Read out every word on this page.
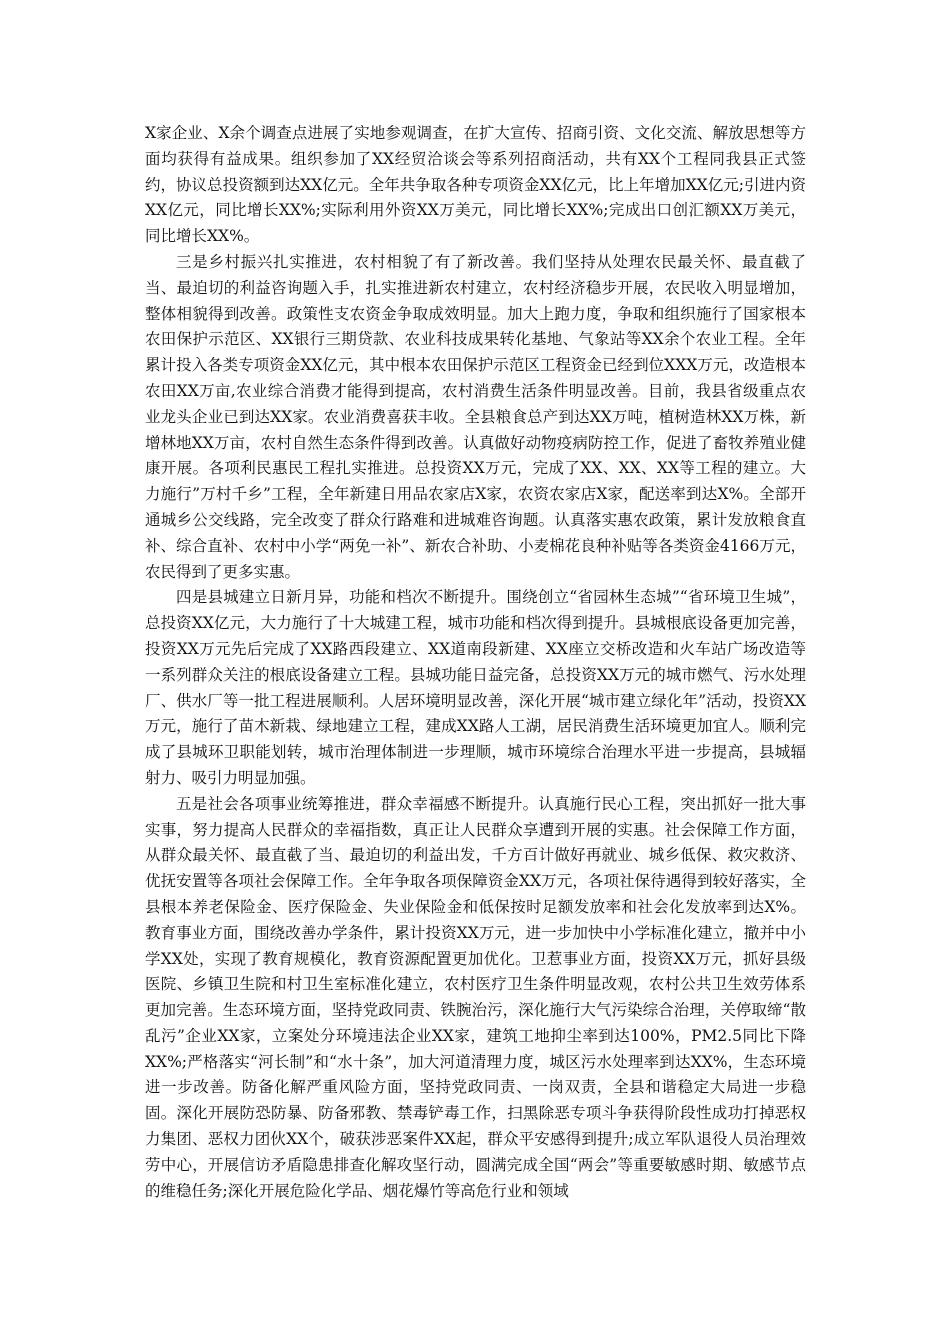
X家企业、X余个调查点进展了实地参观调查，在扩大宣传、招商引资、文化交流、解放思想等方面均获得有益成果。组织参加了XX经贸洽谈会等系列招商活动，共有XX个工程同我县正式签约，协议总投资额到达XX亿元。全年共争取各种专项资金XX亿元，比上年增加XX亿元;引进内资XX亿元，同比增长XX%;实际利用外资XX万美元，同比增长XX%;完成出口创汇额XX万美元，同比增长XX%。

三是乡村振兴扎实推进，农村相貌了有了新改善。我们坚持从处理农民最关怀、最直截了当、最迫切的利益咨询题入手，扎实推进新农村建立，农村经济稳步开展，农民收入明显增加，整体相貌得到改善。政策性支农资金争取成效明显。加大上跑力度，争取和组织施行了国家根本农田保护示范区、XX银行三期贷款、农业科技成果转化基地、气象站等XX余个农业工程。全年累计投入各类专项资金XX亿元，其中根本农田保护示范区工程资金已经到位XXX万元，改造根本农田XX万亩,农业综合消费才能得到提高，农村消费生活条件明显改善。目前，我县省级重点农业龙头企业已到达XX家。农业消费喜获丰收。全县粮食总产到达XX万吨，植树造林XX万株，新增林地XX万亩，农村自然生态条件得到改善。认真做好动物疫病防控工作，促进了畜牧养殖业健康开展。各项利民惠民工程扎实推进。总投资XX万元，完成了XX、XX、XX等工程的建立。大力施行”万村千乡”工程，全年新建日用品农家店X家，农资农家店X家，配送率到达X%。全部开通城乡公交线路，完全改变了群众行路难和进城难咨询题。认真落实惠农政策，累计发放粮食直补、综合直补、农村中小学“两免一补”、新农合补助、小麦棉花良种补贴等各类资金4166万元，农民得到了更多实惠。

四是县城建立日新月异，功能和档次不断提升。围绕创立“省园林生态城”“省环境卫生城”，总投资XX亿元，大力施行了十大城建工程，城市功能和档次得到提升。县城根底设备更加完善，投资XX万元先后完成了XX路西段建立、XX道南段新建、XX座立交桥改造和火车站广场改造等一系列群众关注的根底设备建立工程。县城功能日益完备，总投资XX万元的城市燃气、污水处理厂、供水厂等一批工程进展顺利。人居环境明显改善，深化开展“城市建立绿化年”活动，投资XX万元，施行了苗木新栽、绿地建立工程，建成XX路人工湖，居民消费生活环境更加宜人。顺利完成了县城环卫职能划转，城市治理体制进一步理顺，城市环境综合治理水平进一步提高，县城辐射力、吸引力明显加强。

五是社会各项事业统筹推进，群众幸福感不断提升。认真施行民心工程，突出抓好一批大事实事，努力提高人民群众的幸福指数，真正让人民群众享遭到开展的实惠。社会保障工作方面，从群众最关怀、最直截了当、最迫切的利益出发，千方百计做好再就业、城乡低保、救灾救济、优抚安置等各项社会保障工作。全年争取各项保障资金XX万元，各项社保待遇得到较好落实，全县根本养老保险金、医疗保险金、失业保险金和低保按时足额发放率和社会化发放率到达X%。教育事业方面，围绕改善办学条件，累计投资XX万元，进一步加快中小学标准化建立，撤并中小学XX处，实现了教育规模化，教育资源配置更加优化。卫惹事业方面，投资XX万元，抓好县级医院、乡镇卫生院和村卫生室标准化建立，农村医疗卫生条件明显改观，农村公共卫生效劳体系更加完善。生态环境方面，坚持党政同责、铁腕治污，深化施行大气污染综合治理，关停取缔“散乱污”企业XX家，立案处分环境违法企业XX家，建筑工地抑尘率到达100%，PM2.5同比下降XX%;严格落实“河长制”和“水十条”，加大河道清理力度，城区污水处理率到达XX%，生态环境进一步改善。防备化解严重风险方面，坚持党政同责、一岗双责，全县和谐稳定大局进一步稳固。深化开展防恐防暴、防备邪教、禁毒铲毒工作，扫黑除恶专项斗争获得阶段性成功打掉恶权力集团、恶权力团伙XX个，破获涉恶案件XX起，群众平安感得到提升;成立军队退役人员治理效劳中心，开展信访矛盾隐患排查化解攻坚行动，圆满完成全国“两会”等重要敏感时期、敏感节点的维稳任务;深化开展危险化学品、烟花爆竹等高危行业和领域
